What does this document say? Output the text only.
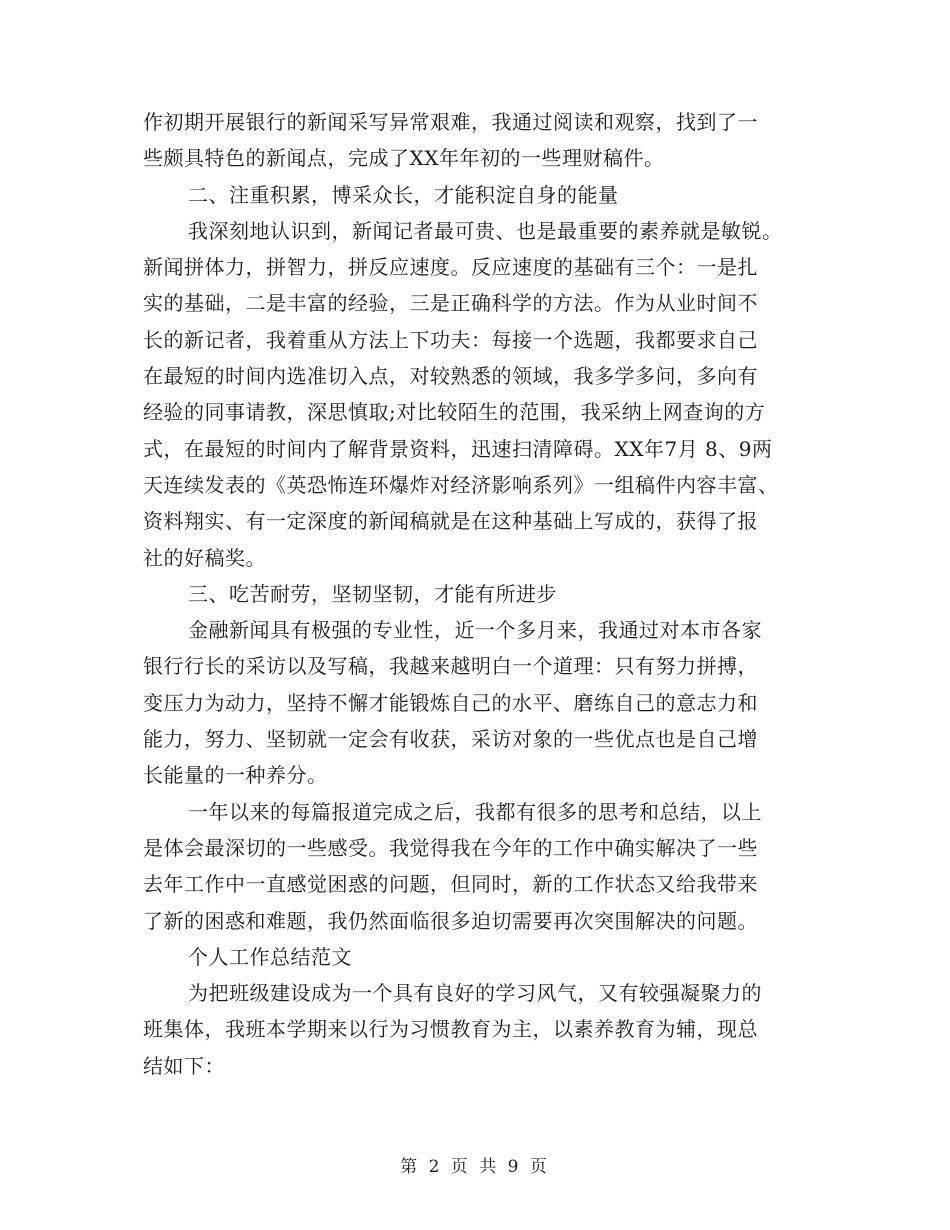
作初期开展银行的新闻采写异常艰难，我通过阅读和观察，找到了一
些颇具特色的新闻点，完成了XX年年初的一些理财稿件。
二、注重积累，博采众长，才能积淀自身的能量
我深刻地认识到，新闻记者最可贵、也是最重要的素养就是敏锐。
新闻拼体力，拼智力，拼反应速度。反应速度的基础有三个：一是扎
实的基础，二是丰富的经验，三是正确科学的方法。作为从业时间不
长的新记者，我着重从方法上下功夫：每接一个选题，我都要求自己
在最短的时间内选准切入点，对较熟悉的领域，我多学多问，多向有
经验的同事请教，深思慎取;对比较陌生的范围，我采纳上网查询的方
式，在最短的时间内了解背景资料，迅速扫清障碍。XX年7月 8、9两
天连续发表的《英恐怖连环爆炸对经济影响系列》一组稿件内容丰富、
资料翔实、有一定深度的新闻稿就是在这种基础上写成的，获得了报
社的好稿奖。
三、吃苦耐劳，坚韧坚韧，才能有所进步
金融新闻具有极强的专业性，近一个多月来，我通过对本市各家
银行行长的采访以及写稿，我越来越明白一个道理：只有努力拼搏，
变压力为动力，坚持不懈才能锻炼自己的水平、磨练自己的意志力和
能力，努力、坚韧就一定会有收获，采访对象的一些优点也是自己增
长能量的一种养分。
一年以来的每篇报道完成之后，我都有很多的思考和总结，以上
是体会最深切的一些感受。我觉得我在今年的工作中确实解决了一些
去年工作中一直感觉困惑的问题，但同时，新的工作状态又给我带来
了新的困惑和难题，我仍然面临很多迫切需要再次突围解决的问题。
个人工作总结范文
为把班级建设成为一个具有良好的学习风气，又有较强凝聚力的
班集体，我班本学期来以行为习惯教育为主，以素养教育为辅，现总
结如下：
第 2 页 共 9 页
